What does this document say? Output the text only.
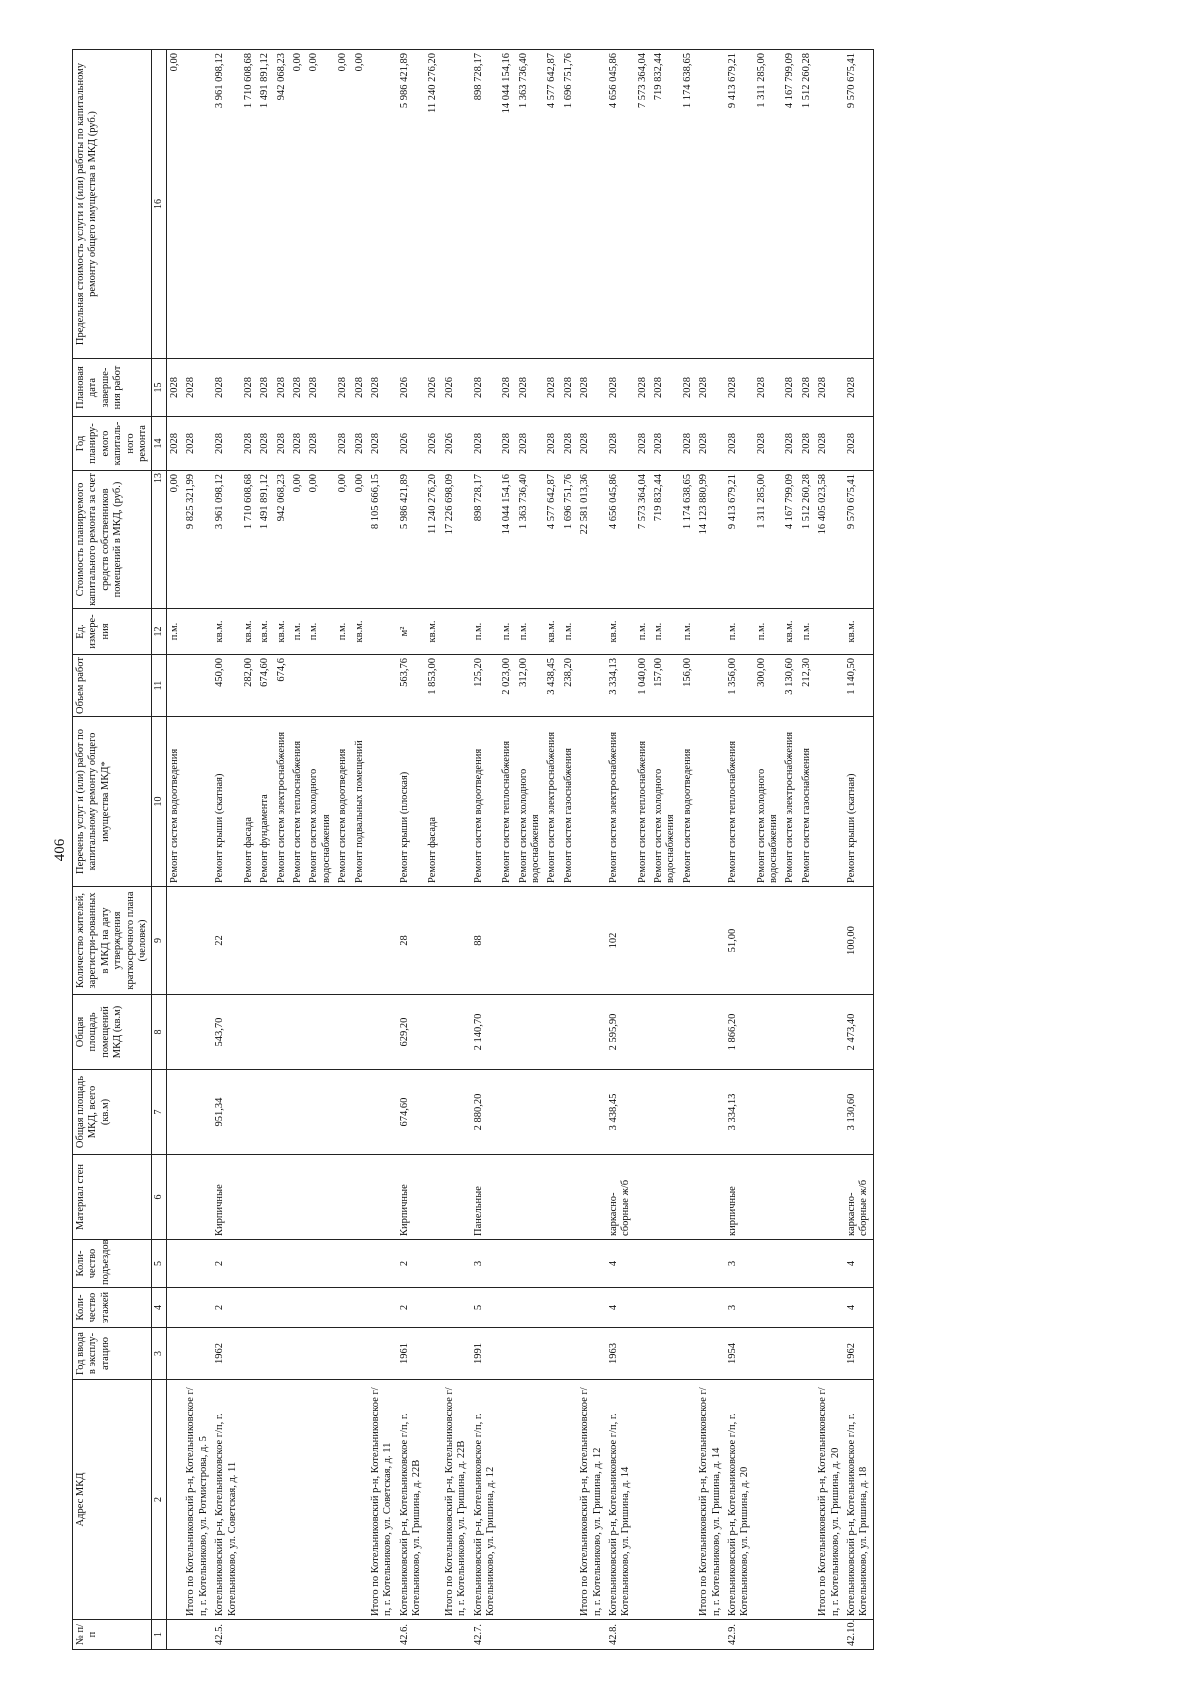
406
№ п/п	Адрес МКД	Год ввода в эксплу-атацию	Коли-чество этажей	Коли-чество подъездов	Материал стен	Общая площадь МКД, всего (кв.м)	Общая площадь помещений МКД (кв.м)	Количество жителей, зарегистри-рованных в МКД на дату утверждения краткосрочного плана (человек)	Перечень услуг и (или) работ по капитальному ремонту общего имущества МКД*	Объем работ	Ед. измере-ния	Стоимость планируемого капитального ремонта за счет средств собственников помещений в МКД, (руб.)	Год планиру-емого капиталь-ного ремонта	Плановая дата заверше-ния работ	Предельная стоимость услуги и (или) работы по капитальному ремонту общего имущества в МКД (руб.)
1	2	3	4	5	6	7	8	9	10	11	12	13	14	15	16
									Ремонт систем водоотведения		п.м.	0,00	2028	2028	0,00
	Итого по Котельниковский р-н, Котельниковское г/п, г. Котельниково, ул. Ротмистрова, д. 5											9 825 321,99	2028	2028	
42.5.	Котельниковский р-н, Котельниковское г/п, г. Котельниково, ул. Советская, д. 11	1962	2	2	Кирпичные	951,34	543,70	22	Ремонт крыши (скатная)	450,00	кв.м.	3 961 098,12	2028	2028	3 961 098,12
									Ремонт фасада	282,00	кв.м.	1 710 608,68	2028	2028	1 710 608,68
									Ремонт фундамента	674,60	кв.м.	1 491 891,12	2028	2028	1 491 891,12
									Ремонт систем электроснабжения	674,6	кв.м.	942 068,23	2028	2028	942 068,23
									Ремонт систем теплоснабжения		п.м.	0,00	2028	2028	0,00
									Ремонт систем холодного водоснабжения		п.м.	0,00	2028	2028	0,00
									Ремонт систем водоотведения		п.м.	0,00	2028	2028	0,00
									Ремонт подвальных помещений		кв.м.	0,00	2028	2028	0,00
	Итого по Котельниковский р-н, Котельниковское г/п, г. Котельниково, ул. Советская, д. 11											8 105 666,15	2028	2028	
42.6.	Котельниковский р-н, Котельниковское г/п, г. Котельниково, ул. Гришина, д. 22В	1961	2	2	Кирпичные	674,60	629,20	28	Ремонт крыши (плоская)	563,76	м²	5 986 421,89	2026	2026	5 986 421,89
									Ремонт фасада	1 853,00	кв.м.	11 240 276,20	2026	2026	11 240 276,20
	Итого по Котельниковский р-н, Котельниковское г/п, г. Котельниково, ул. Гришина, д. 22В											17 226 698,09	2026	2026	
42.7.	Котельниковский р-н, Котельниковское г/п, г. Котельниково, ул. Гришина, д. 12	1991	5	3	Панельные	2 880,20	2 140,70	88	Ремонт систем водоотведения	125,20	п.м.	898 728,17	2028	2028	898 728,17
									Ремонт систем теплоснабжения	2 023,00	п.м.	14 044 154,16	2028	2028	14 044 154,16
									Ремонт систем холодного водоснабжения	312,00	п.м.	1 363 736,40	2028	2028	1 363 736,40
									Ремонт систем электроснабжения	3 438,45	кв.м.	4 577 642,87	2028	2028	4 577 642,87
									Ремонт систем газоснабжения	238,20	п.м.	1 696 751,76	2028	2028	1 696 751,76
	Итого по Котельниковский р-н, Котельниковское г/п, г. Котельниково, ул. Гришина, д. 12											22 581 013,36	2028	2028	
42.8.	Котельниковский р-н, Котельниковское г/п, г. Котельниково, ул. Гришина, д. 14	1963	4	4	каркасно-сборные ж/б	3 438,45	2 595,90	102	Ремонт систем электроснабжения	3 334,13	кв.м.	4 656 045,86	2028	2028	4 656 045,86
									Ремонт систем теплоснабжения	1 040,00	п.м.	7 573 364,04	2028	2028	7 573 364,04
									Ремонт систем холодного водоснабжения	157,00	п.м.	719 832,44	2028	2028	719 832,44
									Ремонт систем водоотведения	156,00	п.м.	1 174 638,65	2028	2028	1 174 638,65
	Итого по Котельниковский р-н, Котельниковское г/п, г. Котельниково, ул. Гришина, д. 14											14 123 880,99	2028	2028	
42.9.	Котельниковский р-н, Котельниковское г/п, г. Котельниково, ул. Гришина, д. 20	1954	3	3	кирпичные	3 334,13	1 866,20	51,00	Ремонт систем теплоснабжения	1 356,00	п.м.	9 413 679,21	2028	2028	9 413 679,21
									Ремонт систем холодного водоснабжения	300,00	п.м.	1 311 285,00	2028	2028	1 311 285,00
									Ремонт систем электроснабжения	3 130,60	кв.м.	4 167 799,09	2028	2028	4 167 799,09
									Ремонт систем газоснабжения	212,30	п.м.	1 512 260,28	2028	2028	1 512 260,28
	Итого по Котельниковский р-н, Котельниковское г/п, г. Котельниково, ул. Гришина, д. 20											16 405 023,58	2028	2028	
42.10.	Котельниковский р-н, Котельниковское г/п, г. Котельниково, ул. Гришина, д. 18	1962	4	4	каркасно-сборные ж/б	3 130,60	2 473,40	100,00	Ремонт крыши (скатная)	1 140,50	кв.м.	9 570 675,41	2028	2028	9 570 675,41
